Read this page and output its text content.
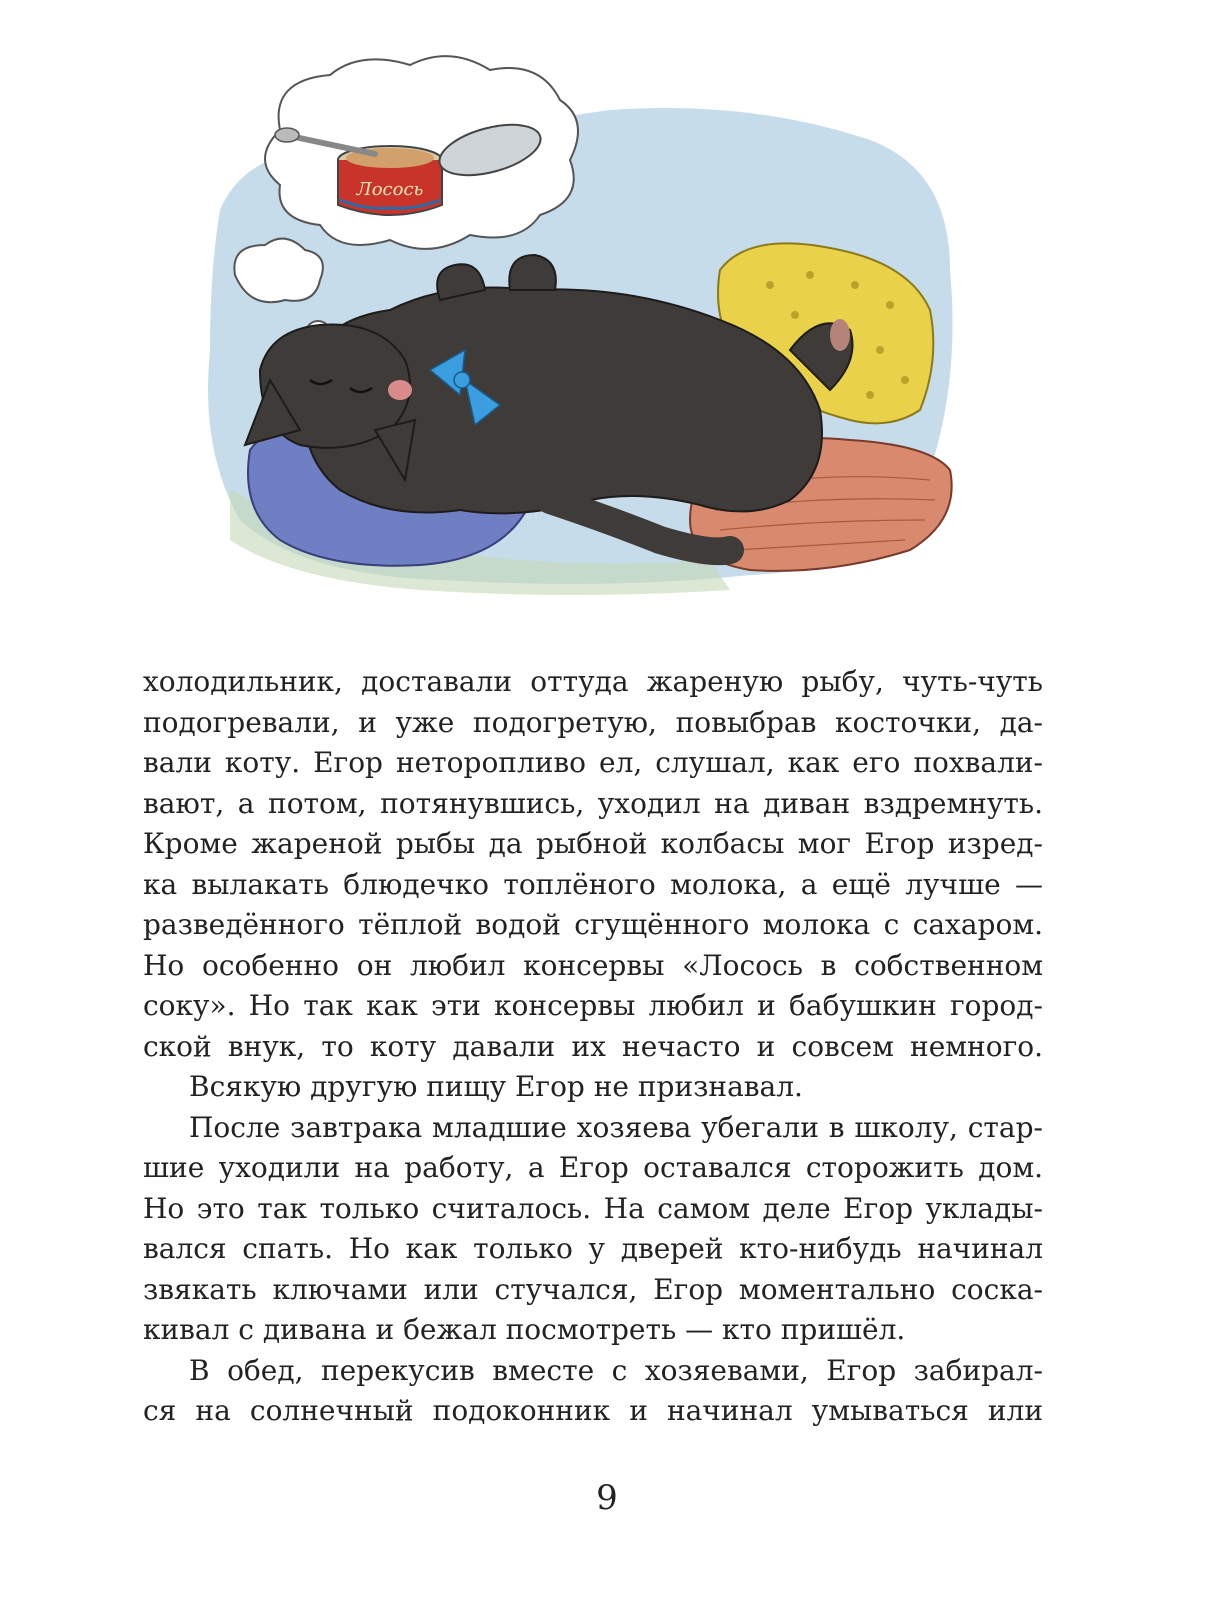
Лосось
холодильник, доставали оттуда жареную рыбу, чуть-чуть
подогревали, и уже подогретую, повыбрав косточки, да-
вали коту. Егор неторопливо ел, слушал, как его похвали-
вают, а потом, потянувшись, уходил на диван вздремнуть.
Кроме жареной рыбы да рыбной колбасы мог Егор изред-
ка вылакать блюдечко топлёного молока, а ещё лучше —
разведённого тёплой водой сгущённого молока с сахаром.
Но особенно он любил консервы «Лосось в собственном
соку». Но так как эти консервы любил и бабушкин город-
ской внук, то коту давали их нечасто и совсем немного.
Всякую другую пищу Егор не признавал.
После завтрака младшие хозяева убегали в школу, стар-
шие уходили на работу, а Егор оставался сторожить дом.
Но это так только считалось. На самом деле Егор уклады-
вался спать. Но как только у дверей кто-нибудь начинал
звякать ключами или стучался, Егор моментально соска-
кивал с дивана и бежал посмотреть — кто пришёл.
В обед, перекусив вместе с хозяевами, Егор забирал-
ся на солнечный подоконник и начинал умываться или
9
